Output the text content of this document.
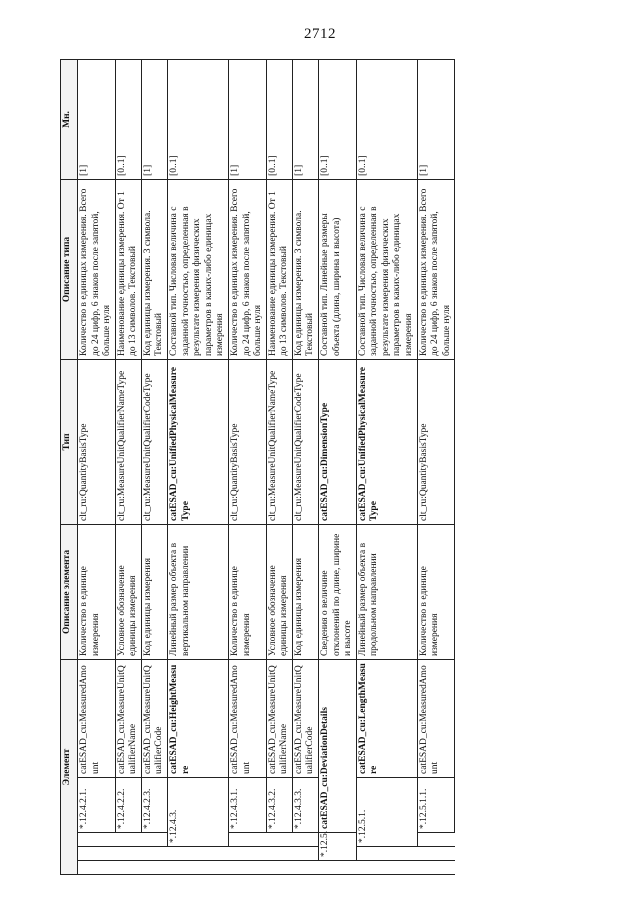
2712
Элемент					Описание элемента	Тип	Описание типа	Мн.
			*.12.4.2.1.	catESAD_cu:MeasuredAmount	Количество в единице измерения	clt_ru:QuantityBasisType	Количество в единицах измерения. Всего до 24 цифр, 6 знаков после запятой, больше нуля	[1]
			*.12.4.2.2.	catESAD_cu:MeasureUnitQualifierName	Условное обозначение единицы измерения	clt_ru:MeasureUnitQualifierNameType	Наименование единицы измерения. От 1 до 13 символов. Текстовый	[0..1]
			*.12.4.2.3.	catESAD_cu:MeasureUnitQualifierCode	Код единицы измерения	clt_ru:MeasureUnitQualifierCodeType	Код единицы измерения. 3 символа. Текстовый	[1]
		*.12.4.3.		catESAD_cu:HeightMeasure	Линейный размер объекта в вертикальном направлении	catESAD_cu:UnifiedPhysicalMeasureType	Составной тип. Числовая величина с заданной точностью, определенная в результате измерения физических параметров в каких-либо единицах измерения	[0..1]
			*.12.4.3.1.	catESAD_cu:MeasuredAmount	Количество в единице измерения	clt_ru:QuantityBasisType	Количество в единицах измерения. Всего до 24 цифр, 6 знаков после запятой, больше нуля	[1]
			*.12.4.3.2.	catESAD_cu:MeasureUnitQualifierName	Условное обозначение единицы измерения	clt_ru:MeasureUnitQualifierNameType	Наименование единицы измерения. От 1 до 13 символов. Текстовый	[0..1]
			*.12.4.3.3.	catESAD_cu:MeasureUnitQualifierCode	Код единицы измерения	clt_ru:MeasureUnitQualifierCodeType	Код единицы измерения. 3 символа. Текстовый	[1]
	*.12.5.		catESAD_cu:DeviationDetails		Сведения о величине отклонений по длине, ширине и высоте	catESAD_cu:DimensionType	Составной тип. Линейные размеры объекта (длина, ширина и высота)	[0..1]
		*.12.5.1.		catESAD_cu:LengthMeasure	Линейный размер объекта в продольном направлении	catESAD_cu:UnifiedPhysicalMeasureType	Составной тип. Числовая величина с заданной точностью, определенная в результате измерения физических параметров в каких-либо единицах измерения	[0..1]
			*.12.5.1.1.	catESAD_cu:MeasuredAmount	Количество в единице измерения	clt_ru:QuantityBasisType	Количество в единицах измерения. Всего до 24 цифр, 6 знаков после запятой, больше нуля	[1]
